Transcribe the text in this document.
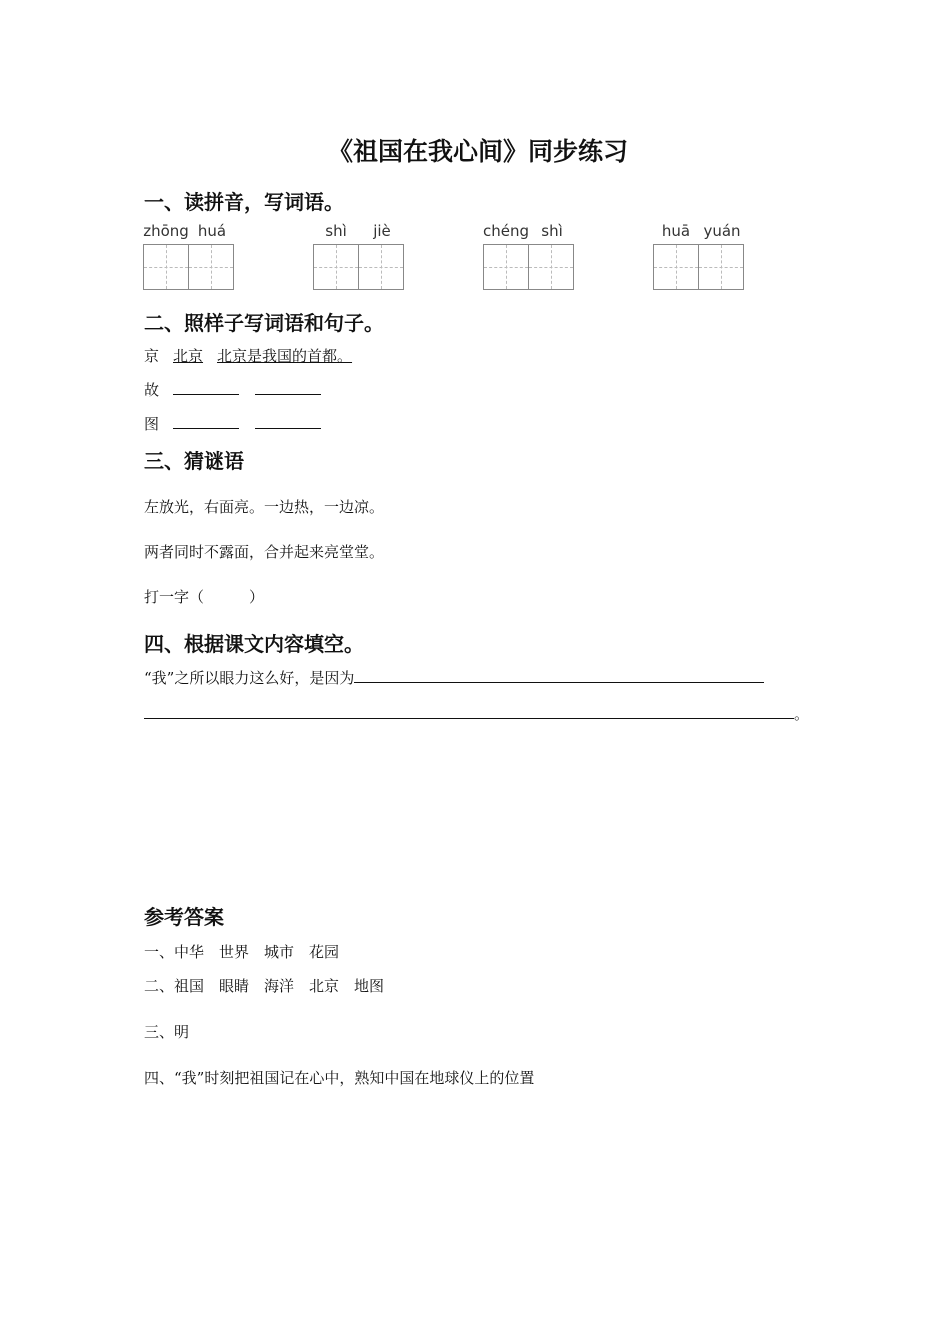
《祖国在我心间》同步练习
一、读拼音，写词语。
zhōng huá	shì	jiè	chéng shì	huā yuán
二、照样子写词语和句子。
京 北京 北京是我国的首都。
故
图
三、猜谜语
左放光，右面亮。一边热，一边凉。
两者同时不露面，合并起来亮堂堂。
打一字（　　　）
四、根据课文内容填空。
“我”之所以眼力这么好，是因为
。
参考答案
一、中华　世界　城市　花园
二、祖国　眼睛　海洋　北京　地图
三、明
四、“我”时刻把祖国记在心中，熟知中国在地球仪上的位置
